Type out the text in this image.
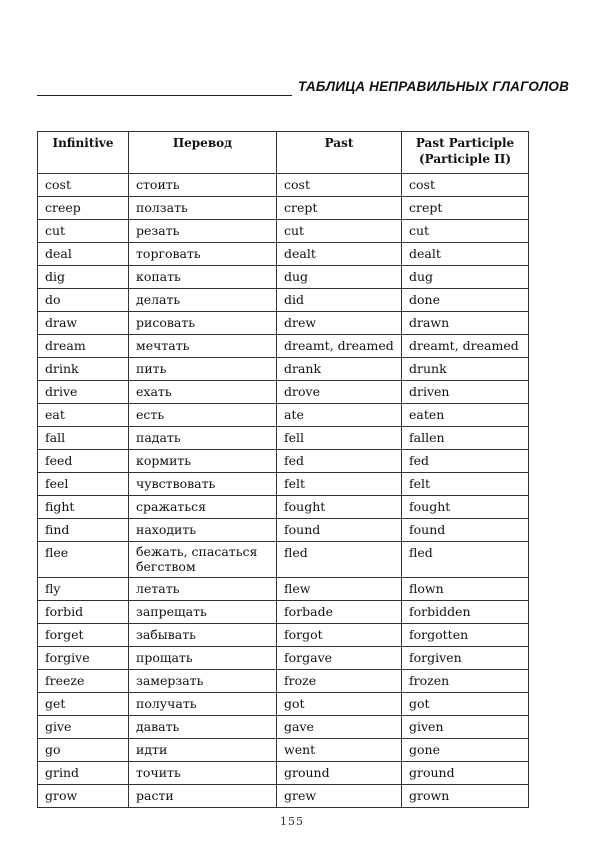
ТАБЛИЦА НЕПРАВИЛЬНЫХ ГЛАГОЛОВ
Infinitive	Перевод	Past	Past Participle
(Participle II)

cost	стоить	cost	cost
creep	ползать	crept	crept
cut	резать	cut	cut
deal	торговать	dealt	dealt
dig	копать	dug	dug
do	делать	did	done
draw	рисовать	drew	drawn
dream	мечтать	dreamt, dreamed	dreamt, dreamed
drink	пить	drank	drunk
drive	ехать	drove	driven
eat	есть	ate	eaten
fall	падать	fell	fallen
feed	кормить	fed	fed
feel	чувствовать	felt	felt
fight	сражаться	fought	fought
find	находить	found	found
flee	бежать, спасаться бегством	fled	fled
fly	летать	flew	flown
forbid	запрещать	forbade	forbidden
forget	забывать	forgot	forgotten
forgive	прощать	forgave	forgiven
freeze	замерзать	froze	frozen
get	получать	got	got
give	давать	gave	given
go	идти	went	gone
grind	точить	ground	ground
grow	расти	grew	grown
155
